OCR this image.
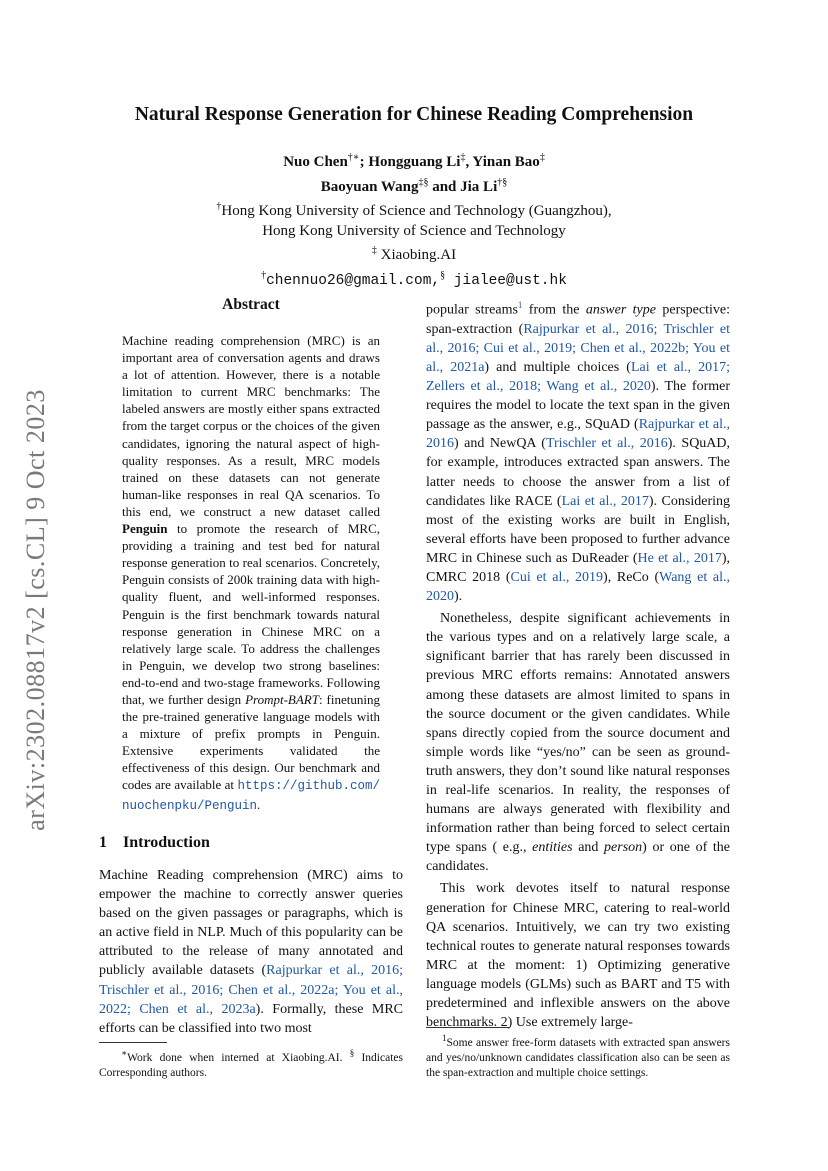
arXiv:2302.08817v2 [cs.CL] 9 Oct 2023
Natural Response Generation for Chinese Reading Comprehension
Nuo Chen†∗; Hongguang Li‡, Yinan Bao‡
Baoyuan Wang‡§ and Jia Li†§
†Hong Kong University of Science and Technology (Guangzhou),
Hong Kong University of Science and Technology
‡ Xiaobing.AI
†chennuo26@gmail.com,§ jialee@ust.hk
Abstract
Machine reading comprehension (MRC) is an important area of conversation agents and draws a lot of attention. However, there is a notable limitation to current MRC benchmarks: The labeled answers are mostly either spans extracted from the target corpus or the choices of the given candidates, ignoring the natural aspect of high-quality responses. As a result, MRC models trained on these datasets can not generate human-like responses in real QA scenarios. To this end, we construct a new dataset called Penguin to promote the research of MRC, providing a training and test bed for natural response generation to real scenarios. Concretely, Penguin consists of 200k training data with high-quality fluent, and well-informed responses. Penguin is the first benchmark towards natural response generation in Chinese MRC on a relatively large scale. To address the challenges in Penguin, we develop two strong baselines: end-to-end and two-stage frameworks. Following that, we further design Prompt-BART: finetuning the pre-trained generative language models with a mixture of prefix prompts in Penguin. Extensive experiments validated the effectiveness of this design. Our benchmark and codes are available at https://github.com/nuochenpku/Penguin.
1 Introduction
Machine Reading comprehension (MRC) aims to empower the machine to correctly answer queries based on the given passages or paragraphs, which is an active field in NLP. Much of this popularity can be attributed to the release of many annotated and publicly available datasets (Rajpurkar et al., 2016; Trischler et al., 2016; Chen et al., 2022a; You et al., 2022; Chen et al., 2023a). Formally, these MRC efforts can be classified into two most
∗Work done when interned at Xiaobing.AI. § Indicates Corresponding authors.

popular streams$^1$ from the answer type perspective: span-extraction (Rajpurkar et al., 2016; Trischler et al., 2016; Cui et al., 2019; Chen et al., 2022b; You et al., 2021a) and multiple choices (Lai et al., 2017; Zellers et al., 2018; Wang et al., 2020). The former requires the model to locate the text span in the given passage as the answer, e.g., SQuAD (Rajpurkar et al., 2016) and NewQA (Trischler et al., 2016). SQuAD, for example, introduces extracted span answers. The latter needs to choose the answer from a list of candidates like RACE (Lai et al., 2017). Considering most of the existing works are built in English, several efforts have been proposed to further advance MRC in Chinese such as DuReader (He et al., 2017), CMRC 2018 (Cui et al., 2019), ReCo (Wang et al., 2020).

Nonetheless, despite significant achievements in the various types and on a relatively large scale, a significant barrier that has rarely been discussed in previous MRC efforts remains: Annotated answers among these datasets are almost limited to spans in the source document or the given candidates. While spans directly copied from the source document and simple words like “yes/no” can be seen as ground-truth answers, they don’t sound like natural responses in real-life scenarios. In reality, the responses of humans are always generated with flexibility and information rather than being forced to select certain type spans ( e.g., entities and person) or one of the candidates.

This work devotes itself to natural response generation for Chinese MRC, catering to real-world QA scenarios. Intuitively, we can try two existing technical routes to generate natural responses towards MRC at the moment: 1) Optimizing generative language models (GLMs) such as BART and T5 with predetermined and inflexible answers on the above benchmarks. 2) Use extremely large-

$^1$Some answer free-form datasets with extracted span answers and yes/no/unknown candidates classification also can be seen as the span-extraction and multiple choice settings.
